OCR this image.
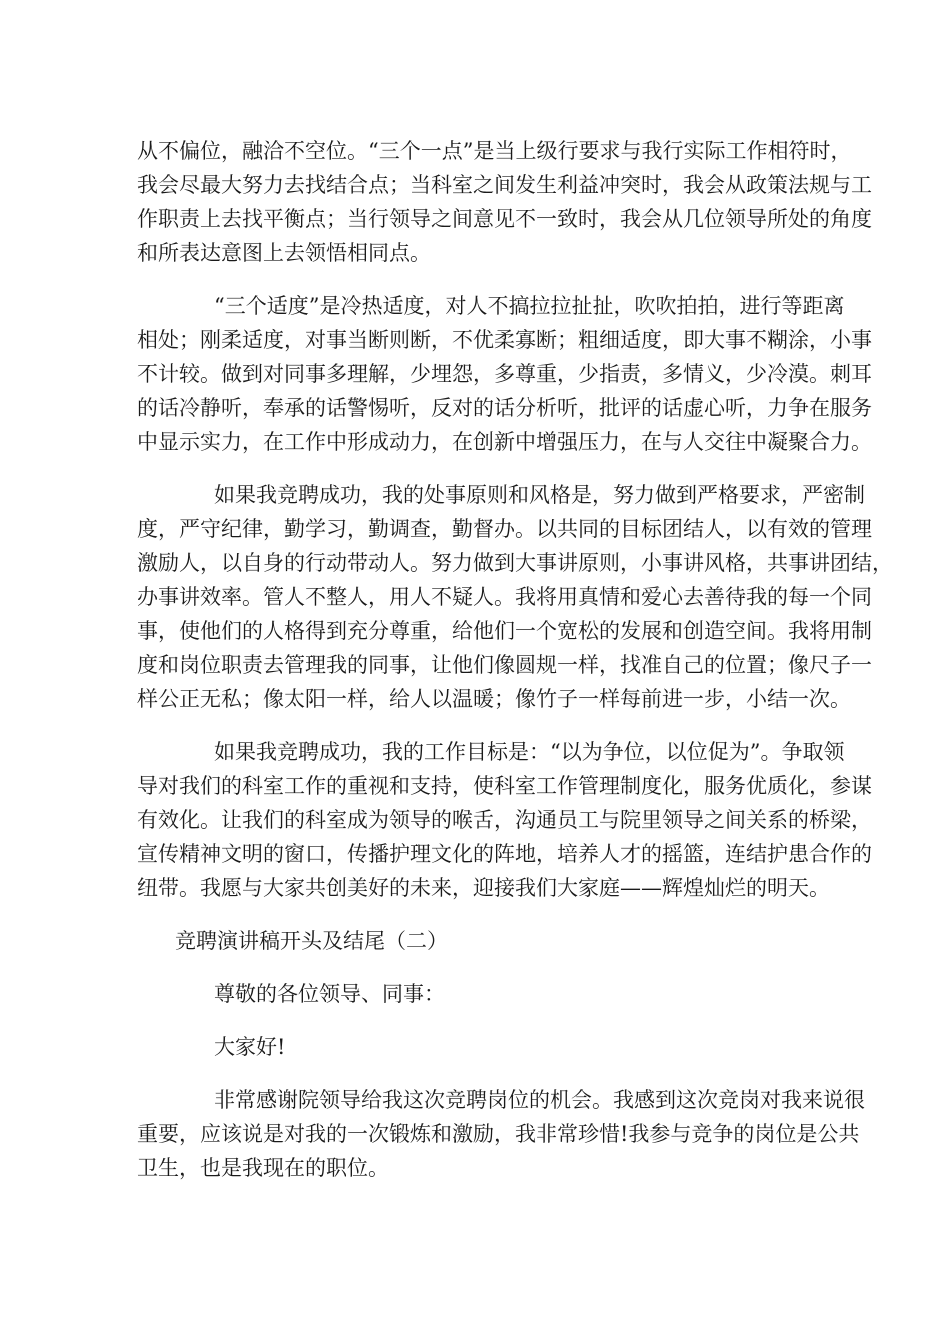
从不偏位，融洽不空位。“三个一点”是当上级行要求与我行实际工作相符时，
我会尽最大努力去找结合点；当科室之间发生利益冲突时，我会从政策法规与工
作职责上去找平衡点；当行领导之间意见不一致时，我会从几位领导所处的角度
和所表达意图上去领悟相同点。
“三个适度”是冷热适度，对人不搞拉拉扯扯，吹吹拍拍，进行等距离
相处；刚柔适度，对事当断则断，不优柔寡断；粗细适度，即大事不糊涂，小事
不计较。做到对同事多理解，少埋怨，多尊重，少指责，多情义，少冷漠。刺耳
的话冷静听，奉承的话警惕听，反对的话分析听，批评的话虚心听，力争在服务
中显示实力，在工作中形成动力，在创新中增强压力，在与人交往中凝聚合力。
如果我竞聘成功，我的处事原则和风格是，努力做到严格要求，严密制
度，严守纪律，勤学习，勤调查，勤督办。以共同的目标团结人，以有效的管理
激励人，以自身的行动带动人。努力做到大事讲原则，小事讲风格，共事讲团结，
办事讲效率。管人不整人，用人不疑人。我将用真情和爱心去善待我的每一个同
事，使他们的人格得到充分尊重，给他们一个宽松的发展和创造空间。我将用制
度和岗位职责去管理我的同事，让他们像圆规一样，找准自己的位置；像尺子一
样公正无私；像太阳一样，给人以温暖；像竹子一样每前进一步，小结一次。
如果我竞聘成功，我的工作目标是：“以为争位，以位促为”。争取领
导对我们的科室工作的重视和支持，使科室工作管理制度化，服务优质化，参谋
有效化。让我们的科室成为领导的喉舌，沟通员工与院里领导之间关系的桥梁，
宣传精神文明的窗口，传播护理文化的阵地，培养人才的摇篮，连结护患合作的
纽带。我愿与大家共创美好的未来，迎接我们大家庭——辉煌灿烂的明天。
竞聘演讲稿开头及结尾（二）
尊敬的各位领导、同事：
大家好!
非常感谢院领导给我这次竞聘岗位的机会。我感到这次竞岗对我来说很
重要，应该说是对我的一次锻炼和激励，我非常珍惜!我参与竞争的岗位是公共
卫生，也是我现在的职位。
